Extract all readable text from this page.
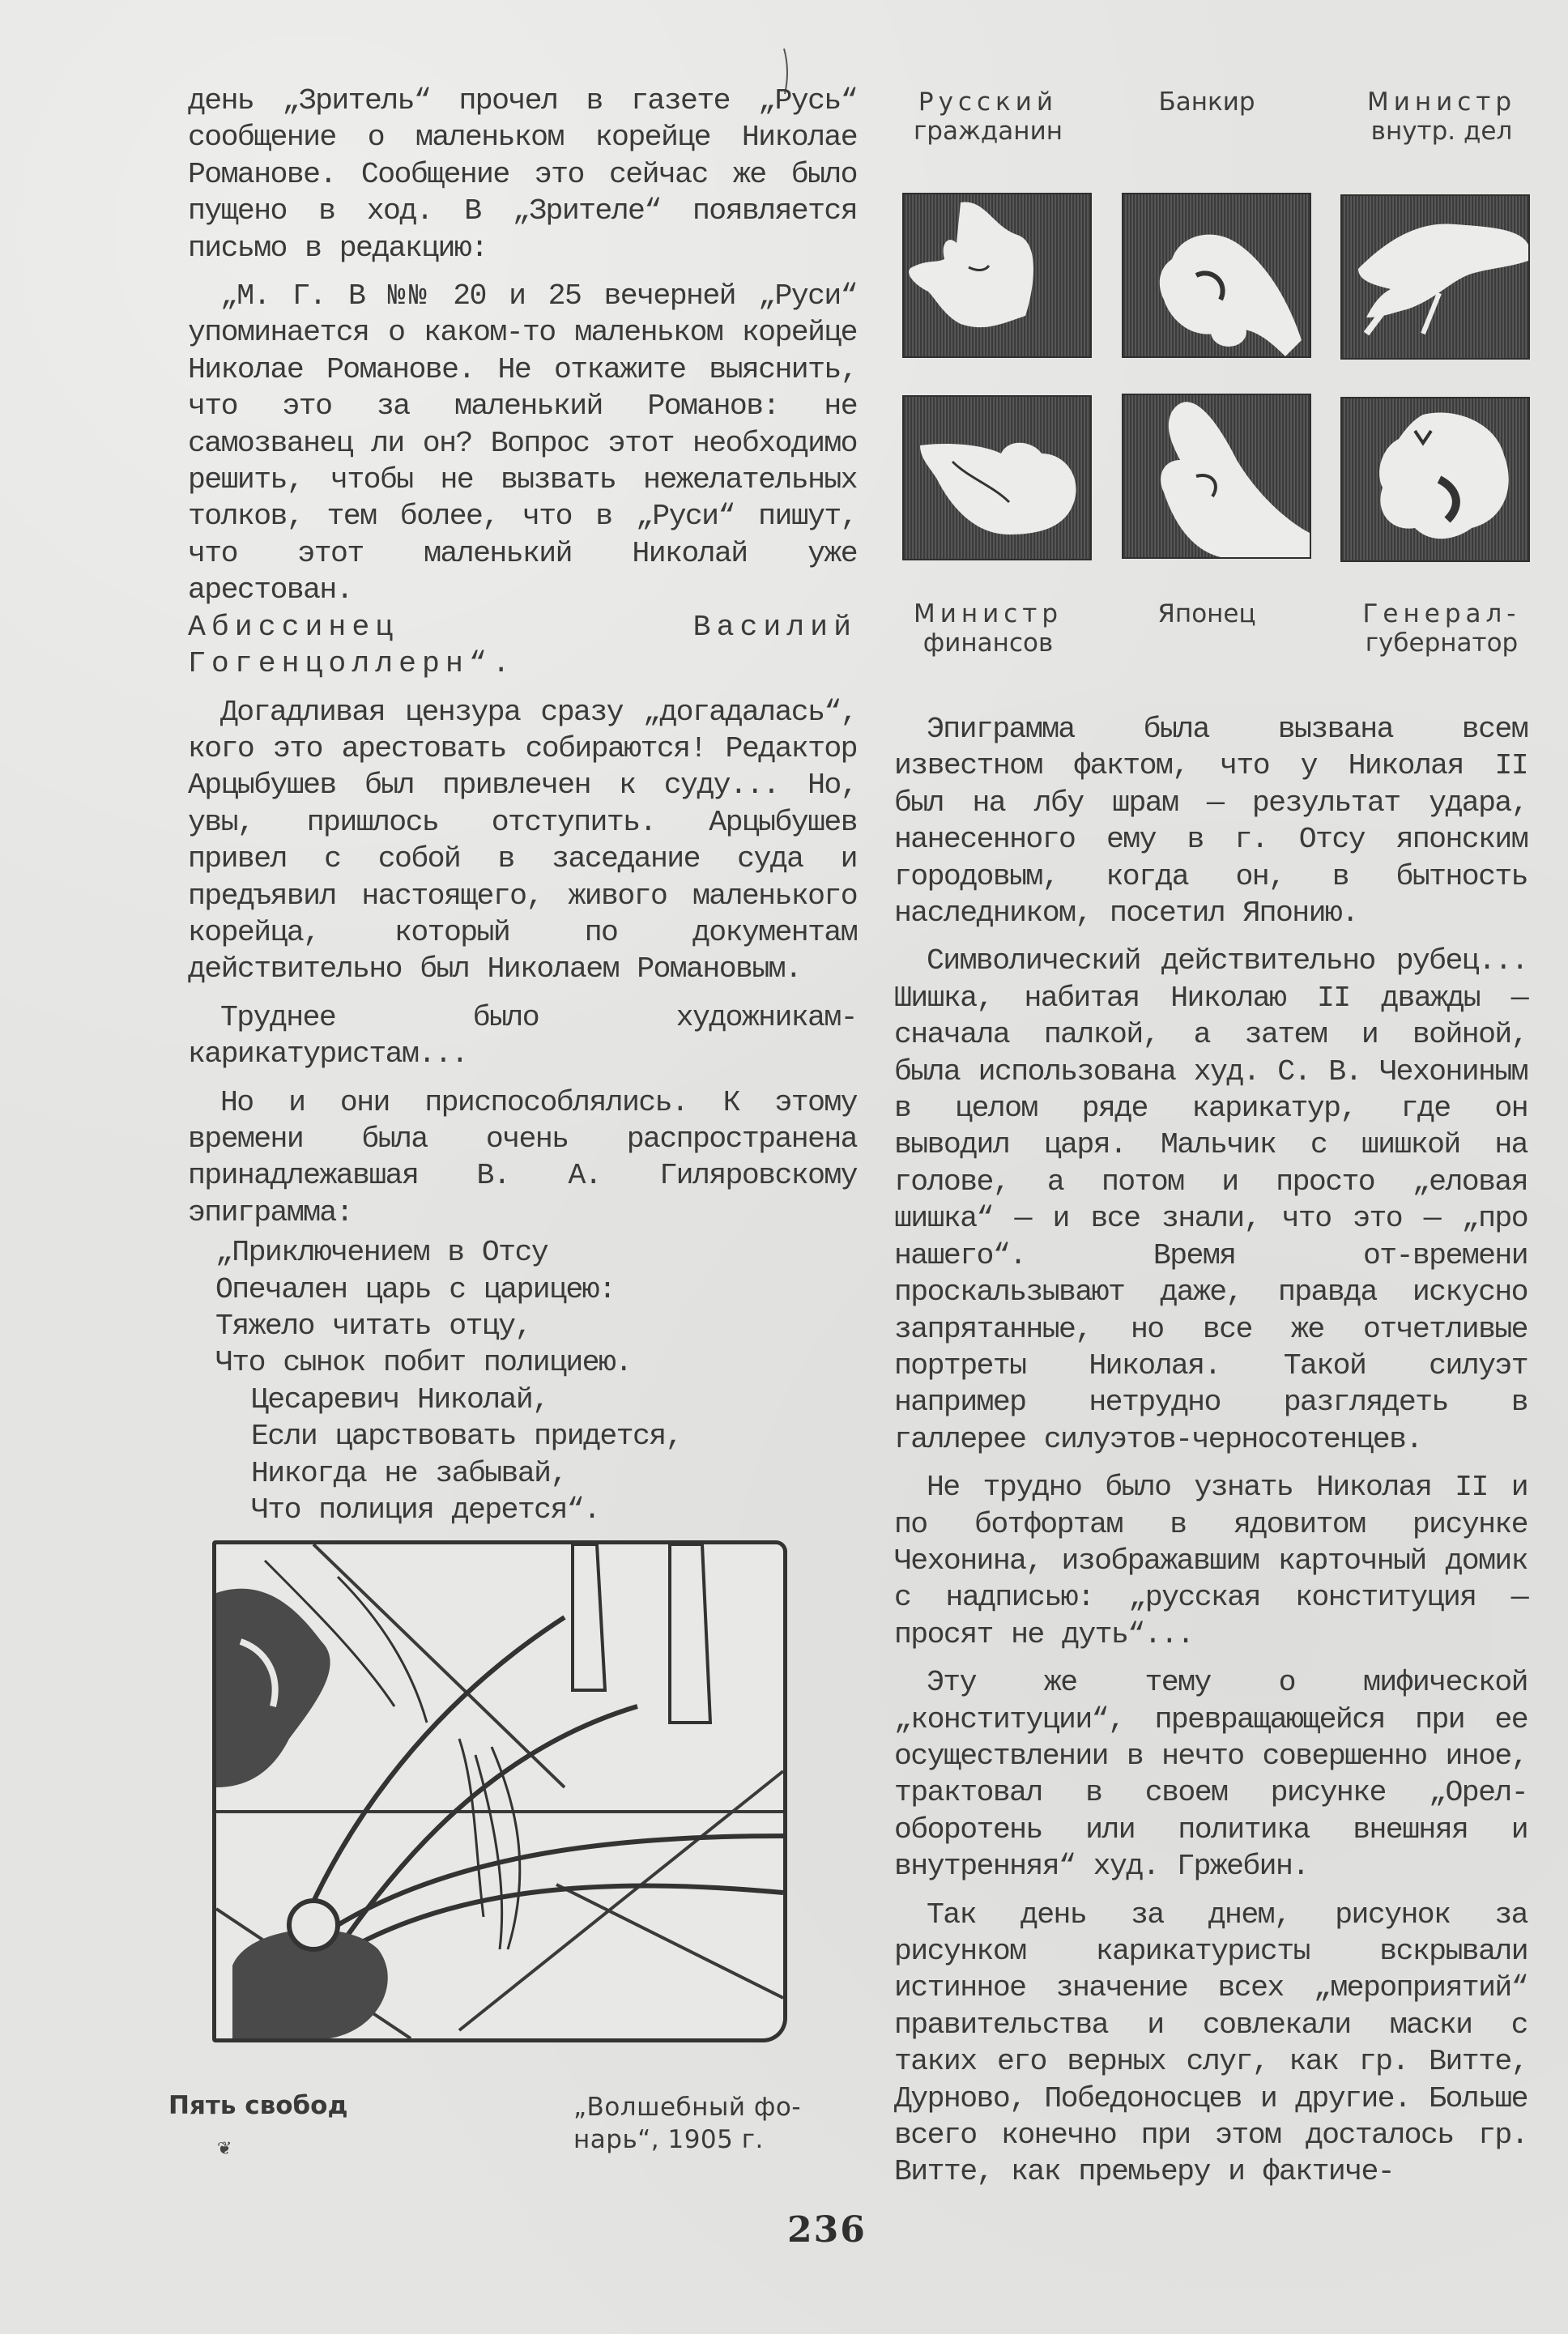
день „Зритель“ прочел в газете „Русь“ сообщение о маленьком корейце Николае Романове. Сообщение это сейчас же было пущено в ход. В „Зрителе“ появляется письмо в редакцию:

„М. Г. В №№ 20 и 25 вечерней „Руси“ упоминается о каком-то маленьком корейце Николае Романове. Не откажите выяснить, что это за маленький Романов: не самозванец ли он? Вопрос этот необходимо решить, чтобы не вызвать нежелательных толков, тем более, что в „Руси“ пишут, что этот маленький Николай уже арестован.

Абиссинец Василий Гогенцоллерн“.

Догадливая цензура сразу „догадалась“, кого это арестовать собираются! Редактор Арцыбушев был привлечен к суду... Но, увы, пришлось отступить. Арцыбушев привел с собой в заседание суда и предъявил настоящего, живого маленького корейца, который по документам действительно был Николаем Романовым.

Труднее было художникам-карикатуристам...

Но и они приспособлялись. К этому времени была очень распространена принадлежавшая В. А. Гиляровскому эпиграмма:

„Приключением в Отсу
Опечален царь с царицею:
Тяжело читать отцу,
Что сынок побит полициею.
Цесаревич Николай,
Если царствовать придется,
Никогда не забывай,
Что полиция дерется“.
Русский
гражданин
Банкир	Министр
внутр. дел
Министр
финансов
Японец	Генерал-
губернатор

Эпиграмма была вызвана всем известном фактом, что у Николая II был на лбу шрам — результат удара, нанесенного ему в г. Отсу японским городовым, когда он, в бытность наследником, посетил Японию.

Символический действительно рубец... Шишка, набитая Николаю II дважды — сначала палкой, а затем и войной, была использована худ. С. В. Чехониным в целом ряде карикатур, где он выводил царя. Мальчик с шишкой на голове, а потом и просто „еловая шишка“ — и все знали, что это — „про нашего“. Время от-времени проскальзывают даже, правда искусно запрятанные, но все же отчетливые портреты Николая. Такой силуэт например нетрудно разглядеть в галлерее силуэтов-черносотенцев.

Не трудно было узнать Николая II и по ботфортам в ядовитом рисунке Чехонина, изображавшим карточный домик с надписью: „русская конституция — просят не дуть“...

Эту же тему о мифической „конституции“, превращающейся при ее осуществлении в нечто совершенно иное, трактовал в своем рисунке „Орел-оборотень или политика внешняя и внутренняя“ худ. Гржебин.

Так день за днем, рисунок за рисунком карикатуристы вскрывали истинное значение всех „мероприятий“ правительства и совлекали маски с таких его верных слуг, как гр. Витте, Дурново, Победоносцев и другие. Больше всего конечно при этом досталось гр. Витте, как премьеру и фактиче-

Пять свобод	„Волшебный фо-
нарь“, 1905 г.
❦
236
